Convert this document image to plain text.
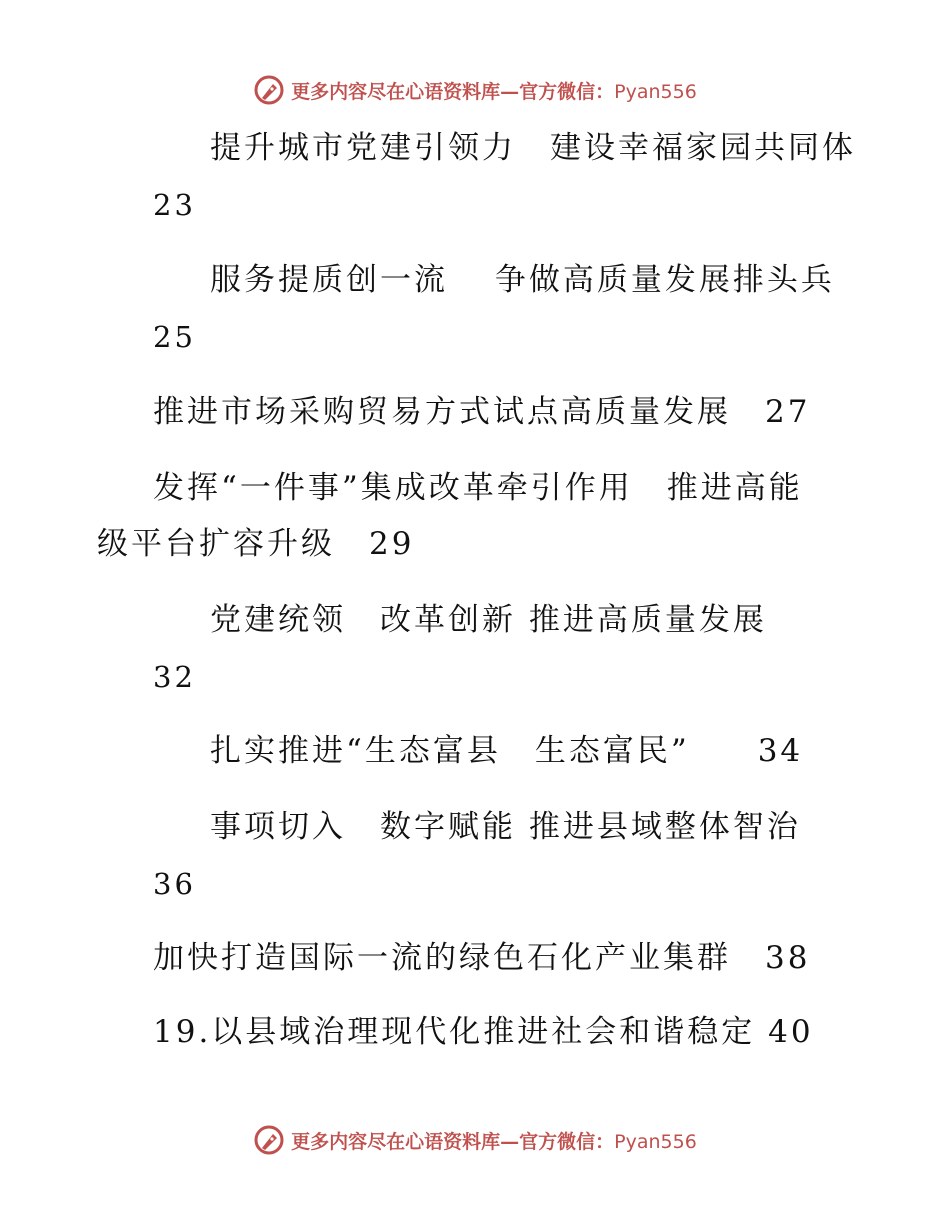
更多内容尽在心语资料库—官方微信：Pyan556
提升城市党建引领力　建设幸福家园共同体
23
服务提质创一流　 争做高质量发展排头兵
25
推进市场采购贸易方式试点高质量发展　27
发挥“一件事”集成改革牵引作用　推进高能
级平台扩容升级　29
党建统领　改革创新 推进高质量发展
32
扎实推进“生态富县　生态富民”　　34
事项切入　数字赋能 推进县域整体智治
36
加快打造国际一流的绿色石化产业集群　38
19.以县域治理现代化推进社会和谐稳定 40
更多内容尽在心语资料库—官方微信：Pyan556
